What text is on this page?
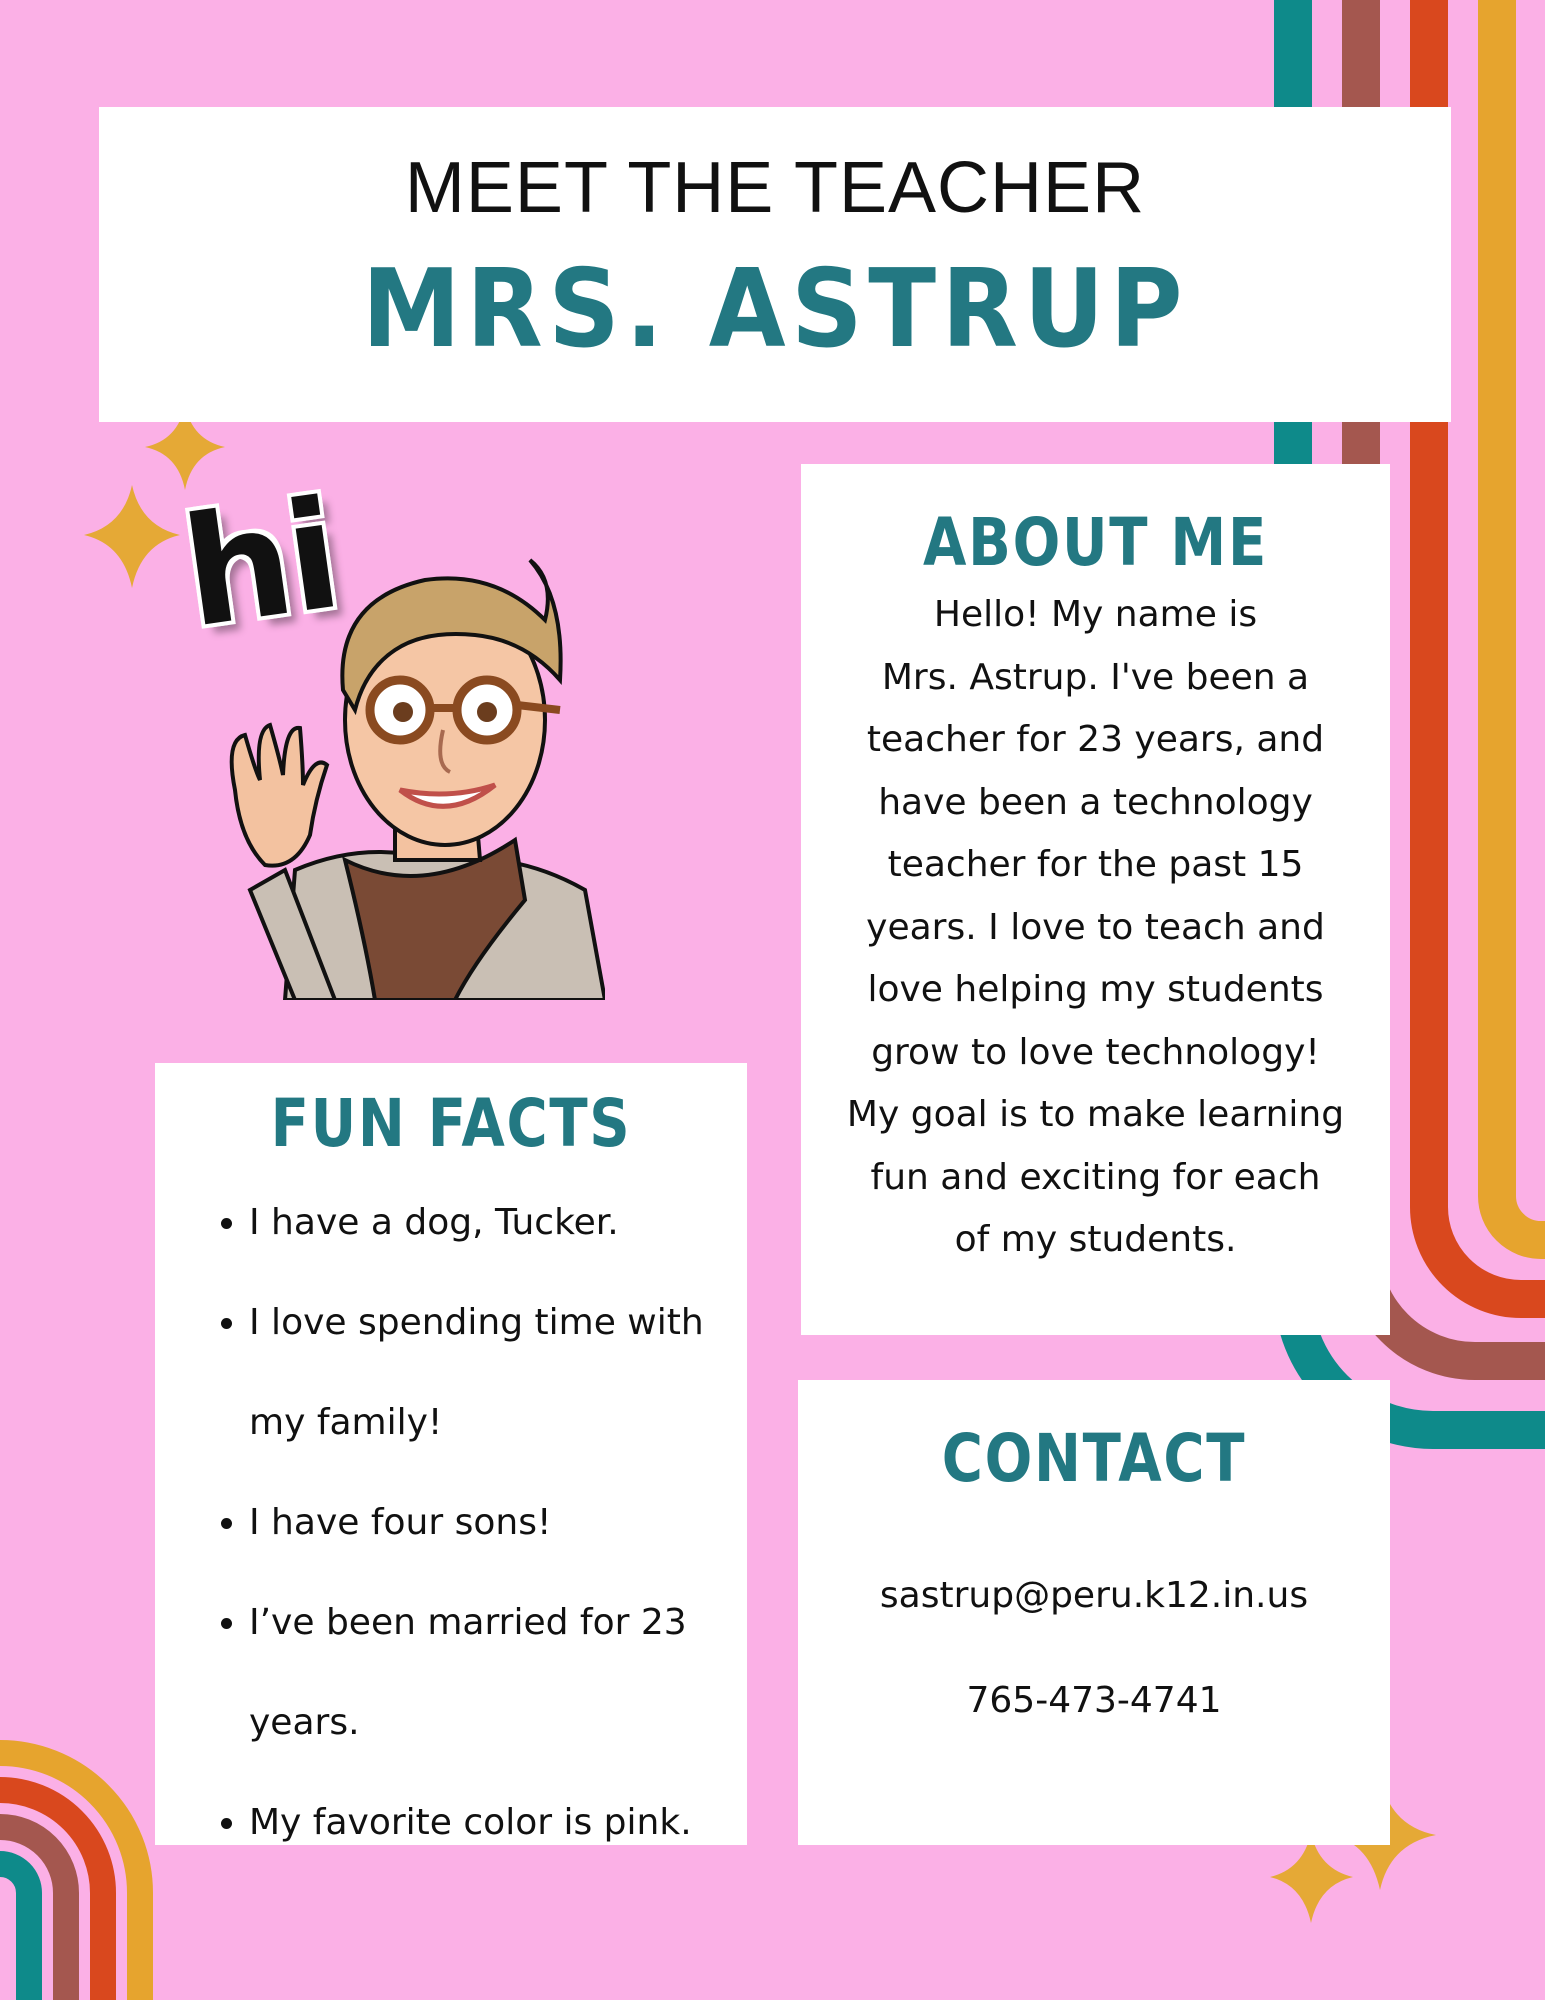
MEET THE TEACHER
MRS. ASTRUP
hi	ABOUT ME
Hello! My name is
Mrs. Astrup. I've been a
teacher for 23 years, and
have been a technology
teacher for the past 15
years. I love to teach and
love helping my students
grow to love technology!
My goal is to make learning
fun and exciting for each
of my students.
FUN FACTS
• I have a dog, Tucker.
• I love spending time with my family!
• I have four sons!
• I’ve been married for 23 years.
• My favorite color is pink.
CONTACT
sastrup@peru.k12.in.us
765-473-4741
